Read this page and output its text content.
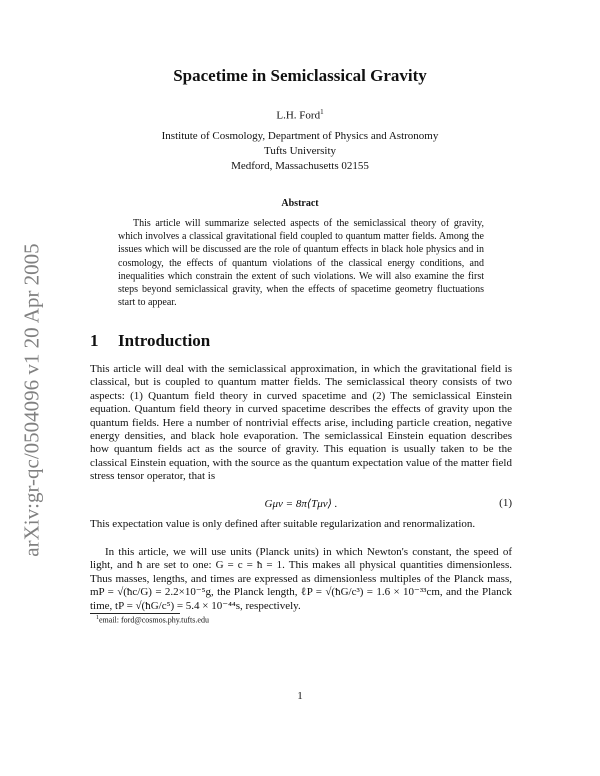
arXiv:gr-qc/0504096 v1 20 Apr 2005
Spacetime in Semiclassical Gravity
L.H. Ford$^1$
Institute of Cosmology, Department of Physics and Astronomy
Tufts University
Medford, Massachusetts 02155
Abstract
This article will summarize selected aspects of the semiclassical theory of gravity, which involves a classical gravitational field coupled to quantum matter fields. Among the issues which will be discussed are the role of quantum effects in black hole physics and in cosmology, the effects of quantum violations of the classical energy conditions, and inequalities which constrain the extent of such violations. We will also examine the first steps beyond semiclassical gravity, when the effects of spacetime geometry fluctuations start to appear.
1 Introduction
This article will deal with the semiclassical approximation, in which the gravitational field is classical, but is coupled to quantum matter fields. The semiclassical theory consists of two aspects: (1) Quantum field theory in curved spacetime and (2) The semiclassical Einstein equation. Quantum field theory in curved spacetime describes the effects of gravity upon the quantum fields. Here a number of nontrivial effects arise, including particle creation, negative energy densities, and black hole evaporation. The semiclassical Einstein equation describes how quantum fields act as the source of gravity. This equation is usually taken to be the classical Einstein equation, with the source as the quantum expectation value of the matter field stress tensor operator, that is
Gμν = 8π⟨Tμν⟩ .	(1)
This expectation value is only defined after suitable regularization and renormalization.
In this article, we will use units (Planck units) in which Newton's constant, the speed of light, and ħ are set to one: G = c = ħ = 1. This makes all physical quantities dimensionless. Thus masses, lengths, and times are expressed as dimensionless multiples of the Planck mass, mP = √(ħc/G) = 2.2×10⁻⁵g, the Planck length, ℓP = √(ħG/c³) = 1.6 × 10⁻³³cm, and the Planck time, tP = √(ħG/c⁵) = 5.4 × 10⁻⁴⁴s, respectively.
$^1$email: ford@cosmos.phy.tufts.edu
1
